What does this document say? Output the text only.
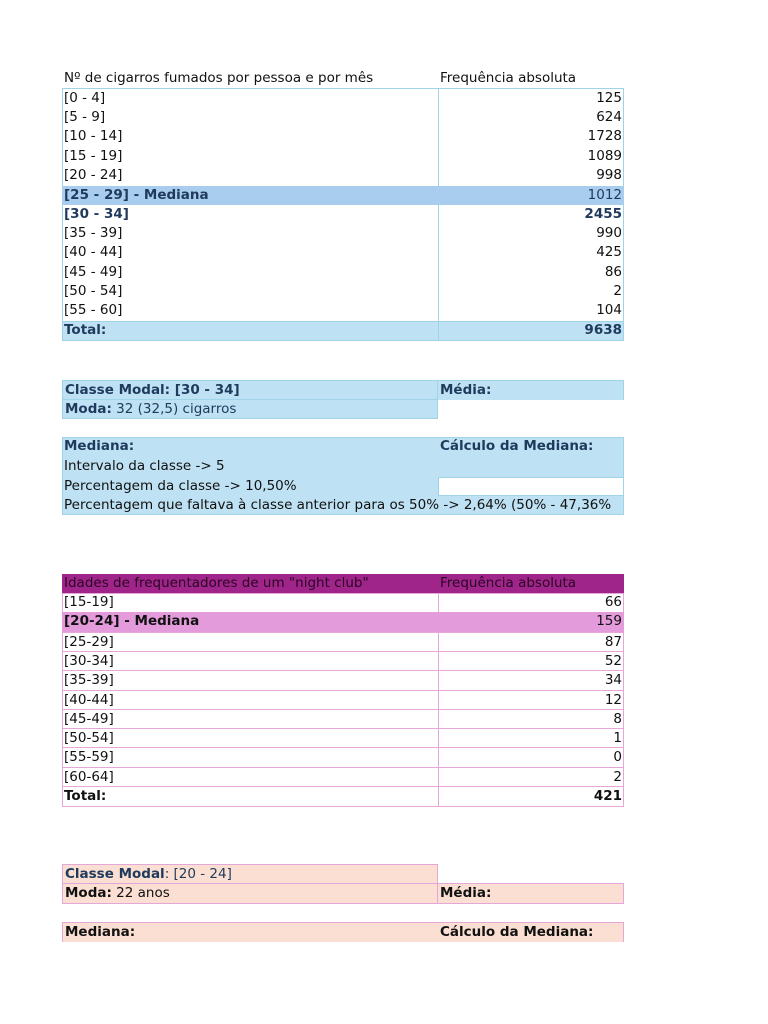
Nº de cigarros fumados por pessoa e por mês	Frequência absoluta
[0 - 4]	125
[5 - 9]	624
[10 - 14]	1728
[15 - 19]	1089
[20 - 24]	998
[25 - 29] - Mediana	1012
[30 - 34]	2455
[35 - 39]	990
[40 - 44]	425
[45 - 49]	86
[50 - 54]	2
[55 - 60]	104
Total:	9638
Classe Modal: [30 - 34]	Média:
Moda: 32 (32,5) cigarros
Mediana:	Cálculo da Mediana:
Intervalo da classe -> 5
Percentagem da classe -> 10,50%
Percentagem que faltava à classe anterior para os 50% -> 2,64% (50% - 47,36%
Idades de frequentadores de um "night club"	Frequência absoluta
[15-19]	66
[20-24] - Mediana	159
[25-29]	87
[30-34]	52
[35-39]	34
[40-44]	12
[45-49]	8
[50-54]	1
[55-59]	0
[60-64]	2
Total:	421
Classe Modal: [20 - 24]
Moda: 22 anos	Média:
Mediana:	Cálculo da Mediana:
